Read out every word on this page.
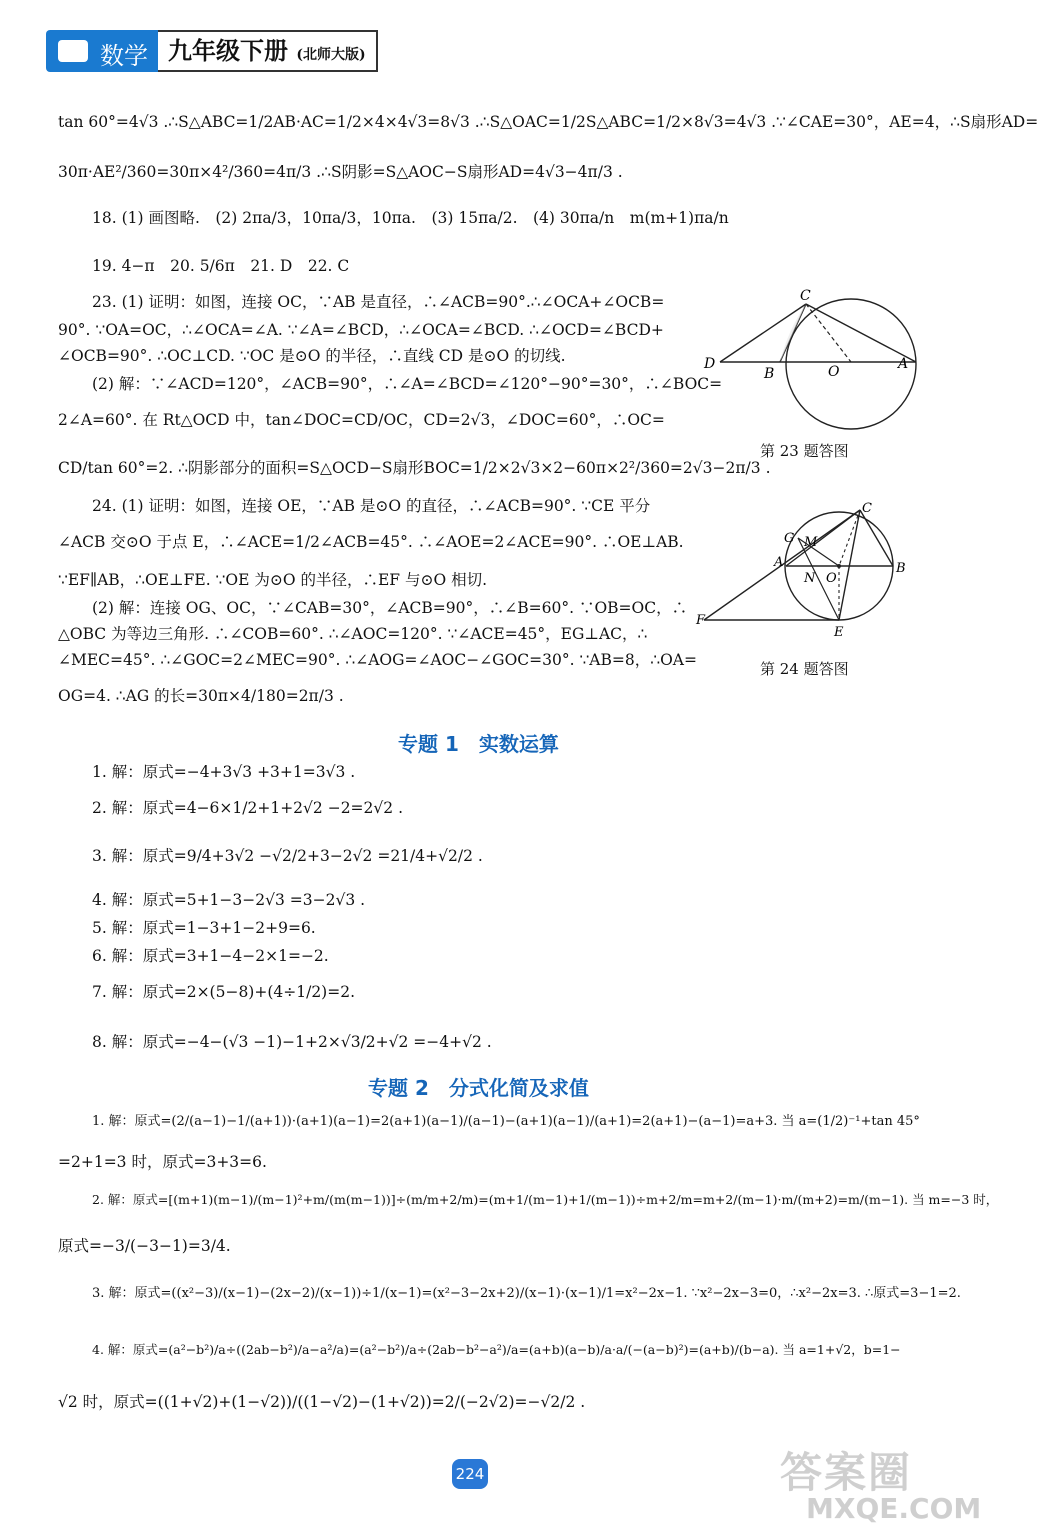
数学 九年级下册 (北师大版)
tan 60°=4√3 .∴S△ABC=1/2AB·AC=1/2×4×4√3=8√3 .∴S△OAC=1/2S△ABC=1/2×8√3=4√3 .∵∠CAE=30°，AE=4，∴S扇形AD=
30π·AE²/360=30π×4²/360=4π/3 .∴S阴影=S△AOC−S扇形AD=4√3−4π/3 .
18. (1) 画图略.　(2) 2πa/3，10πa/3，10πa.　(3) 15πa/2.　(4) 30πa/n　m(m+1)πa/n
19. 4−π　20. 5/6π　21. D　22. C
23. (1) 证明：如图，连接 OC，∵AB 是直径，∴∠ACB=90°.∴∠OCA+∠OCB=
90°. ∵OA=OC，∴∠OCA=∠A. ∵∠A=∠BCD，∴∠OCA=∠BCD. ∴∠OCD=∠BCD+
∠OCB=90°. ∴OC⊥CD. ∵OC 是⊙O 的半径，∴直线 CD 是⊙O 的切线.
(2) 解：∵∠ACD=120°，∠ACB=90°，∴∠A=∠BCD=∠120°−90°=30°，∴∠BOC=
2∠A=60°. 在 Rt△OCD 中，tan∠DOC=CD/OC，CD=2√3，∠DOC=60°，∴OC=
CD/tan 60°=2. ∴阴影部分的面积=S△OCD−S扇形BOC=1/2×2√3×2−60π×2²/360=2√3−2π/3 .
24. (1) 证明：如图，连接 OE，∵AB 是⊙O 的直径，∴∠ACB=90°. ∵CE 平分
∠ACB 交⊙O 于点 E，∴∠ACE=1/2∠ACB=45°. ∴∠AOE=2∠ACE=90°. ∴OE⊥AB.
∵EF∥AB，∴OE⊥FE. ∵OE 为⊙O 的半径，∴EF 与⊙O 相切.
(2) 解：连接 OG、OC，∵∠CAB=30°，∠ACB=90°，∴∠B=60°. ∵OB=OC，∴
△OBC 为等边三角形. ∴∠COB=60°. ∴∠AOC=120°. ∵∠ACE=45°，EG⊥AC，∴
∠MEC=45°. ∴∠GOC=2∠MEC=90°. ∴∠AOG=∠AOC−∠GOC=30°. ∵AB=8，∴OA=
OG=4. ∴AG 的长=30π×4/180=2π/3 .
C
D
B	O	A
第 23 题答图
C
G M
A
N O
B
F
E
第 24 题答图
专题 1　实数运算
1. 解：原式=−4+3√3 +3+1=3√3 .
2. 解：原式=4−6×1/2+1+2√2 −2=2√2 .
3. 解：原式=9/4+3√2 −√2/2+3−2√2 =21/4+√2/2 .
4. 解：原式=5+1−3−2√3 =3−2√3 .
5. 解：原式=1−3+1−2+9=6.
6. 解：原式=3+1−4−2×1=−2.
7. 解：原式=2×(5−8)+(4÷1/2)=2.
8. 解：原式=−4−(√3 −1)−1+2×√3/2+√2 =−4+√2 .
专题 2　分式化简及求值
1. 解：原式=(2/(a−1)−1/(a+1))·(a+1)(a−1)=2(a+1)(a−1)/(a−1)−(a+1)(a−1)/(a+1)=2(a+1)−(a−1)=a+3. 当 a=(1/2)⁻¹+tan 45°
=2+1=3 时，原式=3+3=6.
2. 解：原式=[(m+1)(m−1)/(m−1)²+m/(m(m−1))]÷(m/m+2/m)=(m+1/(m−1)+1/(m−1))÷m+2/m=m+2/(m−1)·m/(m+2)=m/(m−1). 当 m=−3 时，
原式=−3/(−3−1)=3/4.
3. 解：原式=((x²−3)/(x−1)−(2x−2)/(x−1))÷1/(x−1)=(x²−3−2x+2)/(x−1)·(x−1)/1=x²−2x−1. ∵x²−2x−3=0，∴x²−2x=3. ∴原式=3−1=2.
4. 解：原式=(a²−b²)/a÷((2ab−b²)/a−a²/a)=(a²−b²)/a÷(2ab−b²−a²)/a=(a+b)(a−b)/a·a/(−(a−b)²)=(a+b)/(b−a). 当 a=1+√2，b=1−
√2 时，原式=((1+√2)+(1−√2))/((1−√2)−(1+√2))=2/(−2√2)=−√2/2 .
224	答案圈
MXQE.COM
